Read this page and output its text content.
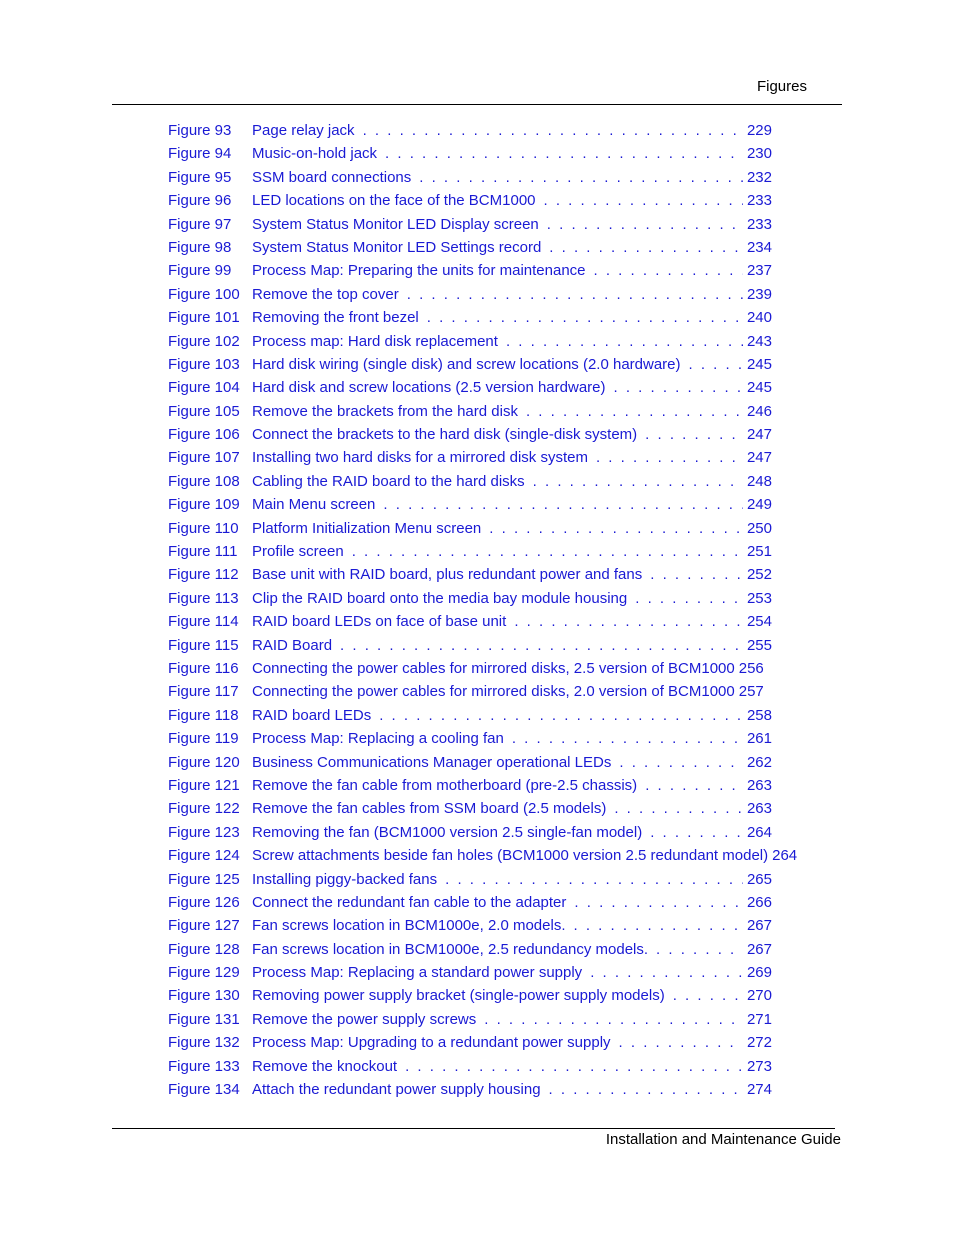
Figures
Figure 93 Page relay jack . . .	229
Figure 94 Music-on-hold jack . . .	230
Figure 95 SSM board connections . . .	232
Figure 96 LED locations on the face of the BCM1000 . . .	233
Figure 97 System Status Monitor LED Display screen . . .	233
Figure 98 System Status Monitor LED Settings record . . .	234
Figure 99 Process Map: Preparing the units for maintenance . . .	237
Figure 100 Remove the top cover . . .	239
Figure 101 Removing the front bezel . . .	240
Figure 102 Process map: Hard disk replacement . . .	243
Figure 103 Hard disk wiring (single disk) and screw locations (2.0 hardware) . . .	245
Figure 104 Hard disk and screw locations (2.5 version hardware) . . .	245
Figure 105 Remove the brackets from the hard disk . . .	246
Figure 106 Connect the brackets to the hard disk (single-disk system) . . .	247
Figure 107 Installing two hard disks for a mirrored disk system . . .	247
Figure 108 Cabling the RAID board to the hard disks . . .	248
Figure 109 Main Menu screen . . .	249
Figure 110 Platform Initialization Menu screen . . .	250
Figure 111 Profile screen . . .	251
Figure 112 Base unit with RAID board, plus redundant power and fans . . .	252
Figure 113 Clip the RAID board onto the media bay module housing . . .	253
Figure 114 RAID board LEDs on face of base unit . . .	254
Figure 115 RAID Board . . .	255
Figure 116 Connecting the power cables for mirrored disks, 2.5 version of BCM1000 256
Figure 117 Connecting the power cables for mirrored disks, 2.0 version of BCM1000 257
Figure 118 RAID board LEDs . . .	258
Figure 119 Process Map: Replacing a cooling fan . . .	261
Figure 120 Business Communications Manager operational LEDs . . .	262
Figure 121 Remove the fan cable from motherboard (pre-2.5 chassis) . . .	263
Figure 122 Remove the fan cables from SSM board (2.5 models) . . .	263
Figure 123 Removing the fan (BCM1000 version 2.5 single-fan model) . . .	264
Figure 124 Screw attachments beside fan holes (BCM1000 version 2.5 redundant model) 264
Figure 125 Installing piggy-backed fans . . .	265
Figure 126 Connect the redundant fan cable to the adapter . . .	266
Figure 127 Fan screws location in BCM1000e, 2.0 models. . . .	267
Figure 128 Fan screws location in BCM1000e, 2.5 redundancy models. . . .	267
Figure 129 Process Map: Replacing a standard power supply . . .	269
Figure 130 Removing power supply bracket (single-power supply models) . . .	270
Figure 131 Remove the power supply screws . . .	271
Figure 132 Process Map: Upgrading to a redundant power supply . . .	272
Figure 133 Remove the knockout . . .	273
Figure 134 Attach the redundant power supply housing . . .	274
Installation and Maintenance Guide
